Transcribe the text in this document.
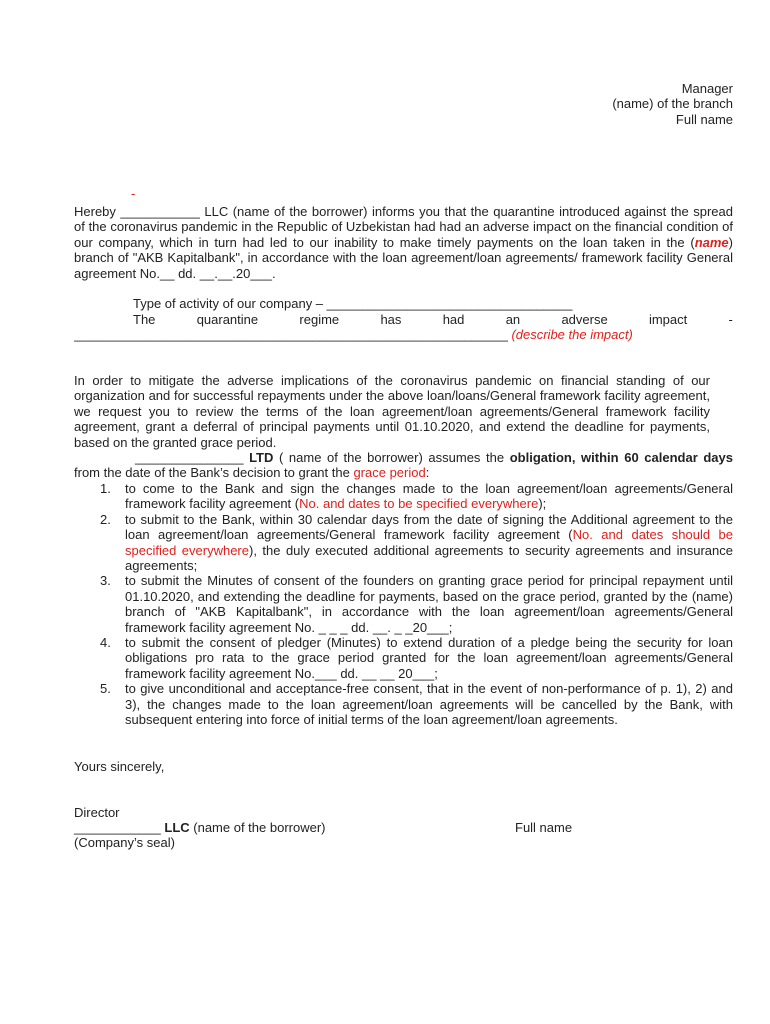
Manager

(name) of the branch

Full name

-

Hereby ___________ LLC (name of the borrower) informs you that the quarantine introduced against the spread of the coronavirus pandemic in the Republic of Uzbekistan had had an adverse impact on the financial condition of our company, which in turn had led to our inability to make timely payments on the loan taken in the (name) branch of "AKB Kapitalbank", in accordance with the loan agreement/loan agreements/ framework facility General agreement No.__ dd. __.__.20___.

Type of activity of our company – __________________________________

The	quarantine	regime	has	had	an	adverse	impact	-

____________________________________________________________ (describe the impact)

In order to mitigate the adverse implications of the coronavirus pandemic on financial standing of our organization and for successful repayments under the above loan/loans/General framework facility agreement, we request you to review the terms of the loan agreement/loan agreements/General framework facility agreement, grant a deferral of principal payments until 01.10.2020, and extend the deadline for payments, based on the granted grace period.

_______________ LTD ( name of the borrower) assumes the obligation, within 60 calendar days from the date of the Bank’s decision to grant the grace period:

1.	to come to the Bank and sign the changes made to the loan agreement/loan agreements/General framework facility agreement (No. and dates to be specified everywhere);
2.	to submit to the Bank, within 30 calendar days from the date of signing the Additional agreement to the loan agreement/loan agreements/General framework facility agreement (No. and dates should be specified everywhere), the duly executed additional agreements to security agreements and insurance agreements;
3.	to submit the Minutes of consent of the founders on granting grace period for principal repayment until 01.10.2020, and extending the deadline for payments, based on the grace period, granted by the (name) branch of "AKB Kapitalbank", in accordance with the loan agreement/loan agreements/General framework facility agreement No. _ _ _ dd. __. _ _20___;
4.	to submit the consent of pledger (Minutes) to extend duration of a pledge being the security for loan obligations pro rata to the grace period granted for the loan agreement/loan agreements/General framework facility agreement No.___ dd. __ __ 20___;
5.	to give unconditional and acceptance-free consent, that in the event of non-performance of p. 1), 2) and 3), the changes made to the loan agreement/loan agreements will be cancelled by the Bank, with subsequent entering into force of initial terms of the loan agreement/loan agreements.

Yours sincerely,

Director

____________ LLC (name of the borrower)	Full name

(Company’s seal)
